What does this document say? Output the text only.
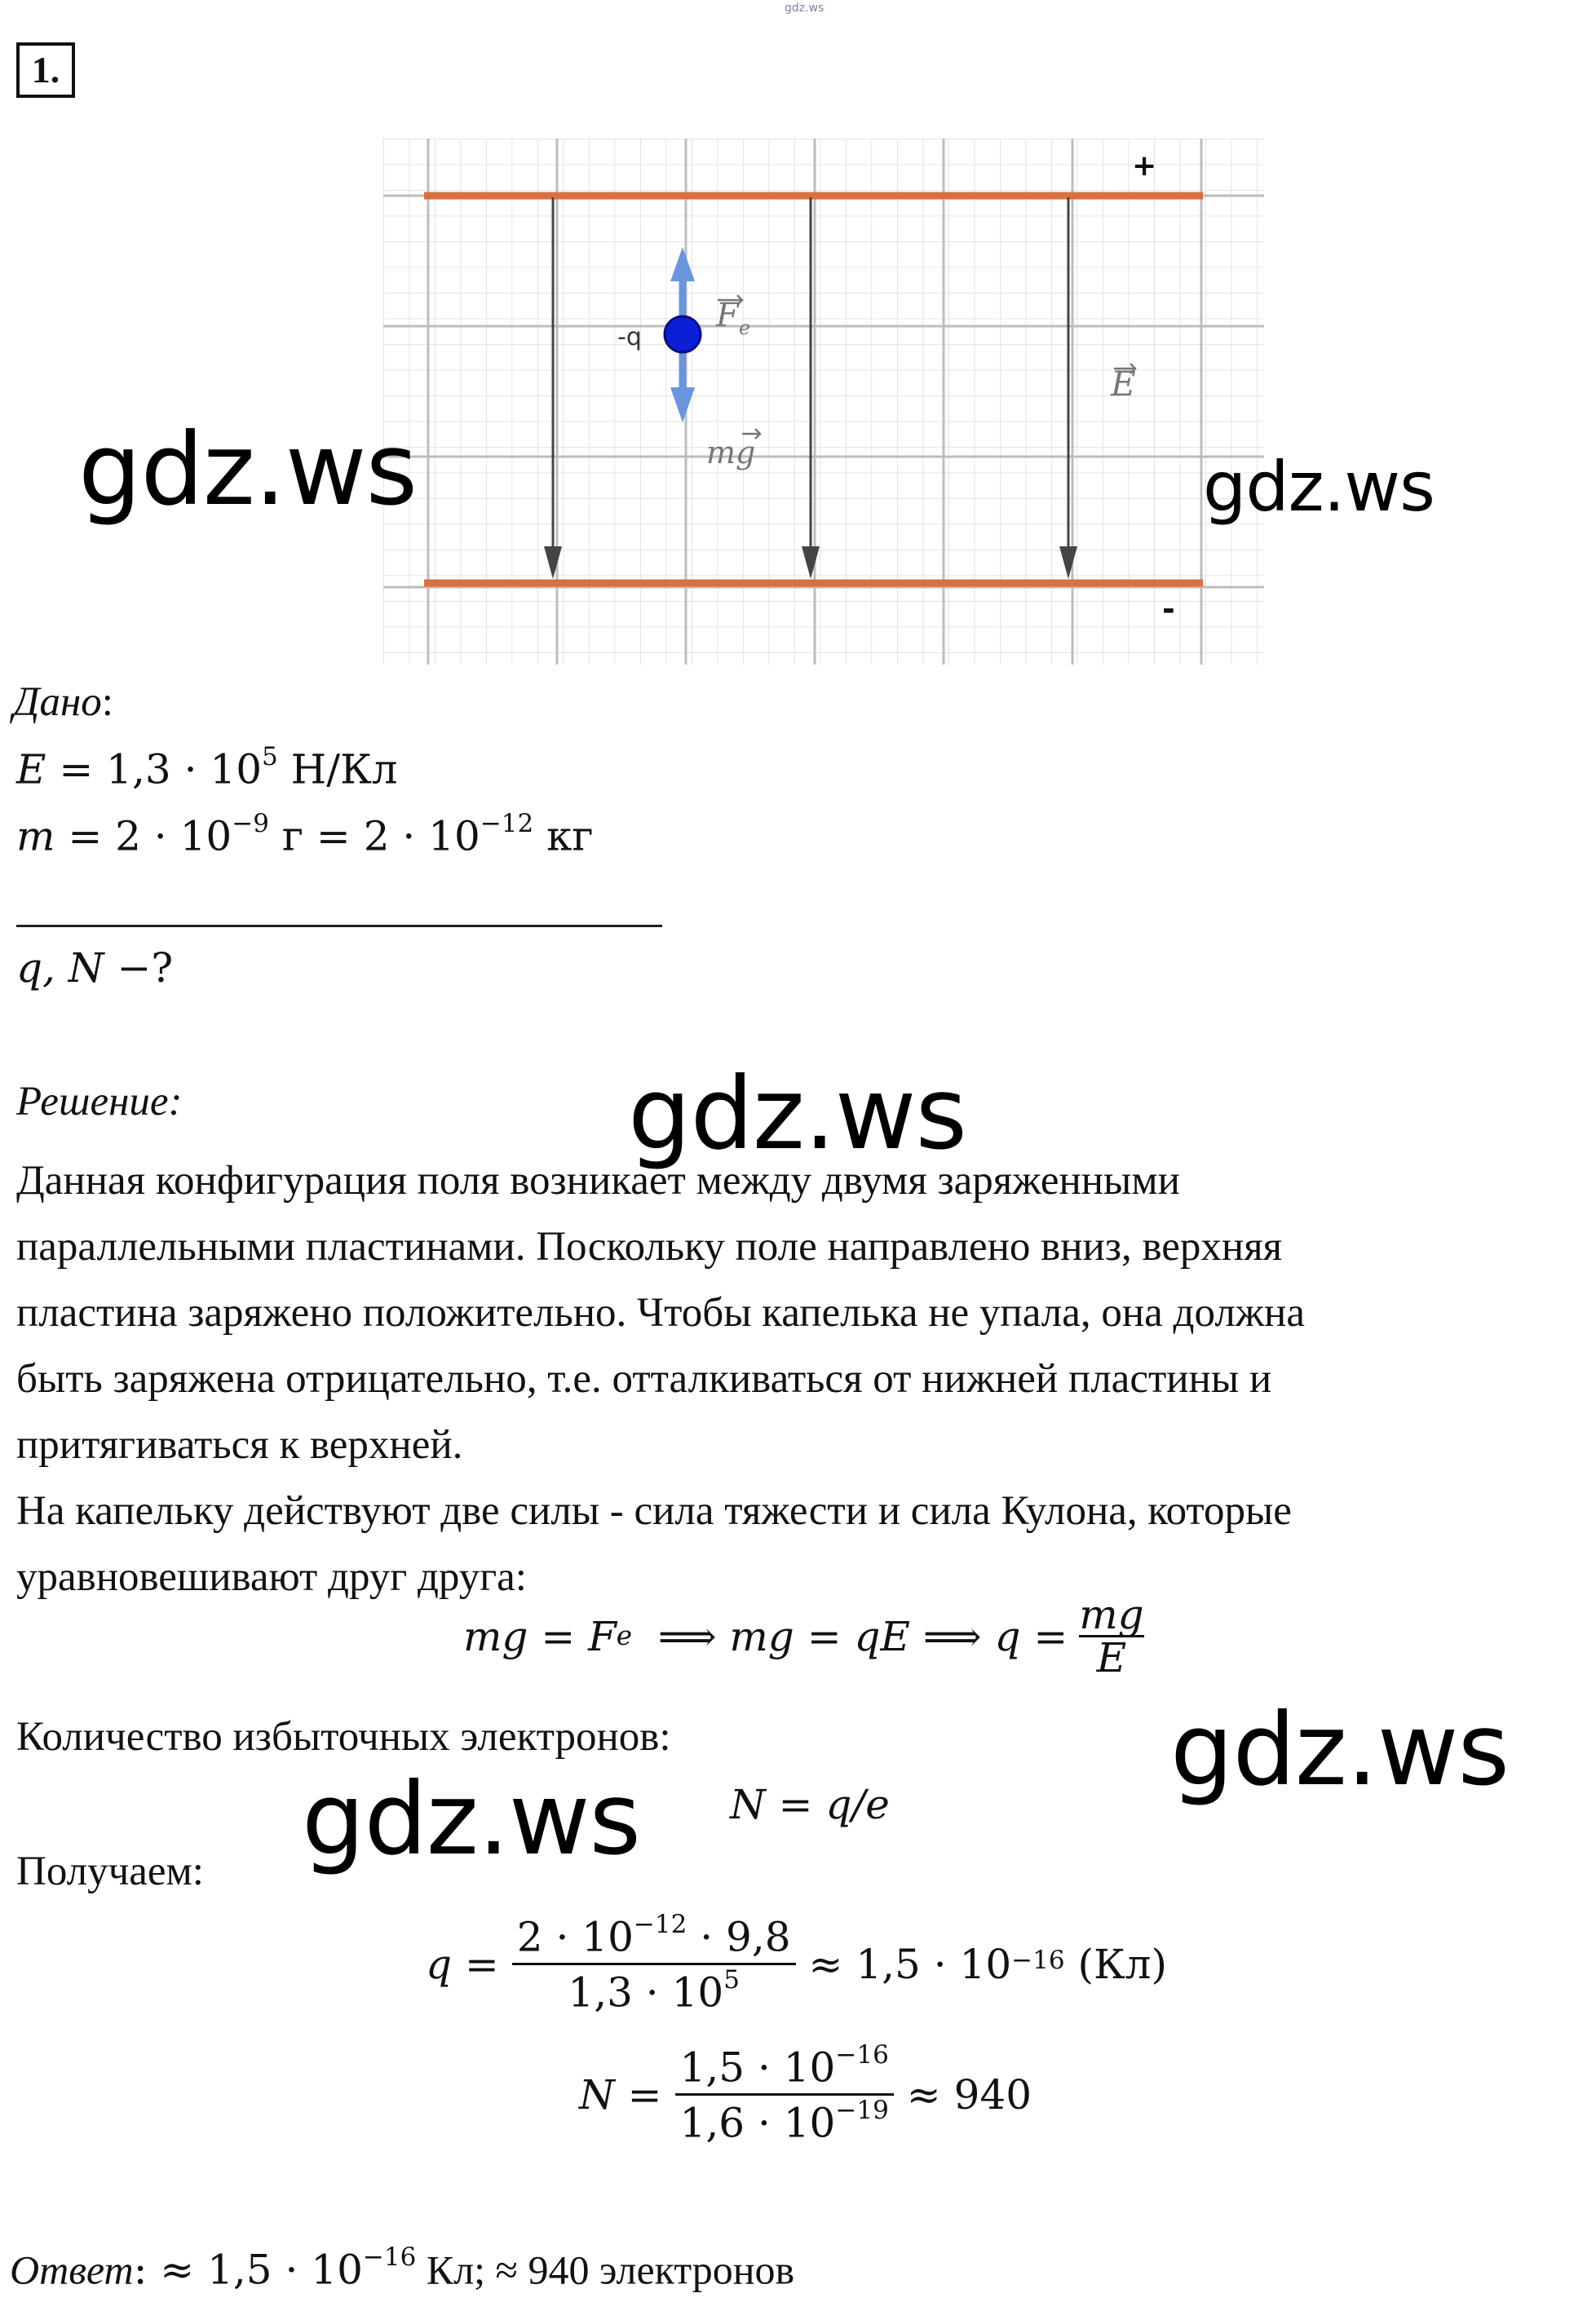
gdz.ws
1.
+
-
-q
F e
mg
E
gdz.ws	gdz.ws
gdz.ws
gdz.ws
gdz.ws
Дано:
$E = 1,3 \cdot 10^5$ Н/Кл
$m = 2 \cdot 10^{-9}$ $г = 2 \cdot 10^{-12}$ кг
q, N −?
Решение:
Данная конфигурация поля возникает между двумя заряженными
параллельными пластинами. Поскольку поле направлено вниз, верхняя
пластина заряжено положительно. Чтобы капелька не упала, она должна
быть заряжена отрицательно, т.е. отталкиваться от нижней пластины и
притягиваться к верхней.
На капельку действуют две силы - сила тяжести и сила Кулона, которые
уравновешивают друг друга:
mg = F e ⟹ mg = qE ⟹ $q = \frac{mg}{E}$
Количество избыточных электронов:
N = q/e
Получаем:
$q = \frac{2 \cdot 10^{-12} \cdot 9,8}{1,3 \cdot 10^5} \approx 1,5 \cdot 10^{-16}$ (Кл)
$N = \frac{1,5 \cdot 10^{-16}}{1,6 \cdot 10^{-19}} \approx 940$
Ответ: ≈ $1,5 \cdot 10^{-16}$ Кл; ≈ 940 электронов
